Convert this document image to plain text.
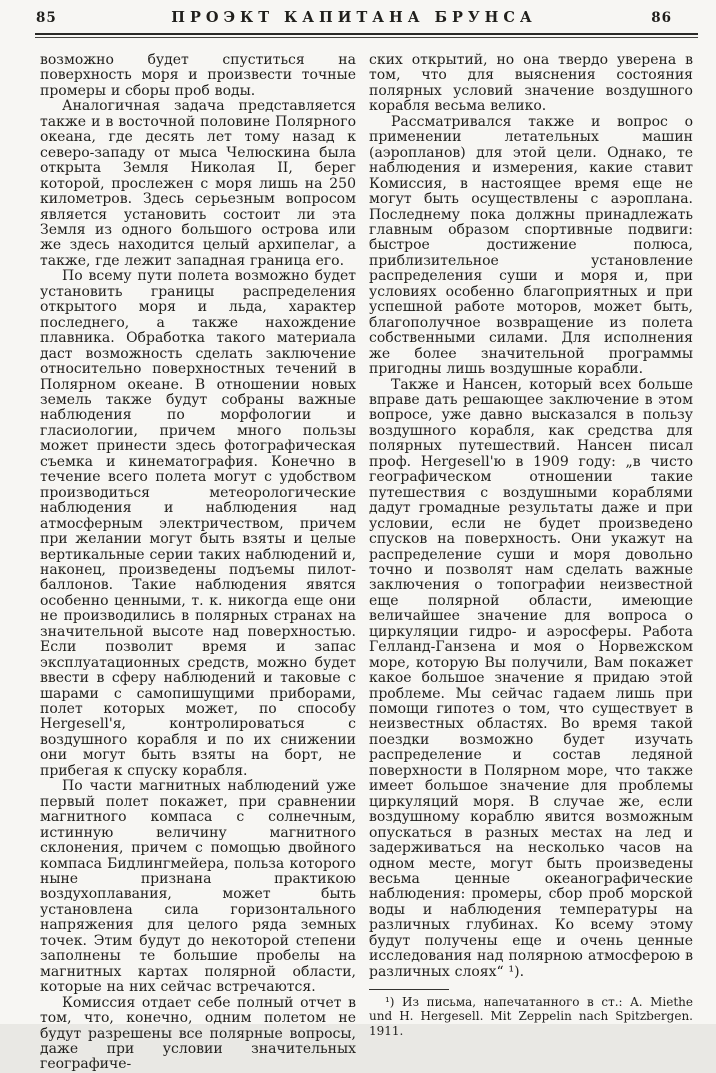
85	ПРОЭКТ КАПИТАНА БРУНСА	86

возможно будет спуститься на поверхность моря и произвести точные промеры и сборы проб воды.

Аналогичная задача представляется также и в восточной половине Полярного океана, где десять лет тому назад к северо-западу от мыса Челюскина была открыта Земля Николая II, берег которой, прослежен с моря лишь на 250 километров. Здесь серьезным вопросом является установить состоит ли эта Земля из одного большого острова или же здесь находится целый архипелаг, а также, где лежит западная граница его.

По всему пути полета возможно будет установить границы распределения открытого моря и льда, характер последнего, а также нахождение плавника. Обработка такого материала даст возможность сделать заключение относительно поверхностных течений в Полярном океане. В отношении новых земель также будут собраны важные наблюдения по морфологии и гласиологии, причем много пользы может принести здесь фотографическая съемка и кинематография. Конечно в течение всего полета могут с удобством производиться метеорологические наблюдения и наблюдения над атмосферным электричеством, причем при желании могут быть взяты и целые вертикальные серии таких наблюдений и, наконец, произведены подъемы пилот-баллонов. Такие наблюдения явятся особенно ценными, т. к. никогда еще они не производились в полярных странах на значительной высоте над поверхностью. Если позволит время и запас эксплуатационных средств, можно будет ввести в сферу наблюдений и таковые с шарами с самопишущими приборами, полет которых может, по способу Hergesell'я, контролироваться с воздушного корабля и по их снижении они могут быть взяты на борт, не прибегая к спуску корабля.

По части магнитных наблюдений уже первый полет покажет, при сравнении магнитного компаса с солнечным, истинную величину магнитного склонения, причем с помощью двойного компаса Бидлингмейера, польза которого ныне признана практикою воздухоплавания, может быть установлена сила горизонтального напряжения для целого ряда земных точек. Этим будут до некоторой степени заполнены те большие пробелы на магнитных картах полярной области, которые на них сейчас встречаются.

Комиссия отдает себе полный отчет в том, что, конечно, одним полетом не будут разрешены все полярные вопросы, даже при условии значительных географиче-

ских открытий, но она твердо уверена в том, что для выяснения состояния полярных условий значение воздушного корабля весьма велико.

Рассматривался также и вопрос о применении летательных машин (аэропланов) для этой цели. Однако, те наблюдения и измерения, какие ставит Комиссия, в настоящее время еще не могут быть осуществлены с аэроплана. Последнему пока должны принадлежать главным образом спортивные подвиги: быстрое достижение полюса, приблизительное установление распределения суши и моря и, при условиях особенно благоприятных и при успешной работе моторов, может быть, благополучное возвращение из полета собственными силами. Для исполнения же более значительной программы пригодны лишь воздушные корабли.

Также и Нансен, который всех больше вправе дать решающее заключение в этом вопросе, уже давно высказался в пользу воздушного корабля, как средства для полярных путешествий. Нансен писал проф. Hergesell'ю в 1909 году: „в чисто географическом отношении такие путешествия с воздушными кораблями дадут громадные результаты даже и при условии, если не будет произведено спусков на поверхность. Они укажут на распределение суши и моря довольно точно и позволят нам сделать важные заключения о топографии неизвестной еще полярной области, имеющие величайшее значение для вопроса о циркуляции гидро- и аэросферы. Работа Гелланд-Ганзена и моя о Норвежском море, которую Вы получили, Вам покажет какое большое значение я придаю этой проблеме. Мы сейчас гадаем лишь при помощи гипотез о том, что существует в неизвестных областях. Во время такой поездки возможно будет изучать распределение и состав ледяной поверхности в Полярном море, что также имеет большое значение для проблемы циркуляций моря. В случае же, если воздушному кораблю явится возможным опускаться в разных местах на лед и задерживаться на несколько часов на одном месте, могут быть произведены весьма ценные океанографические наблюдения: промеры, сбор проб морской воды и наблюдения температуры на различных глубинах. Ко всему этому будут получены еще и очень ценные исследования над полярною атмосферою в различных слоях“ ¹).

¹) Из письма, напечатанного в ст.: A. Miethe und H. Hergesell. Mit Zeppelin nach Spitzbergen. 1911.
